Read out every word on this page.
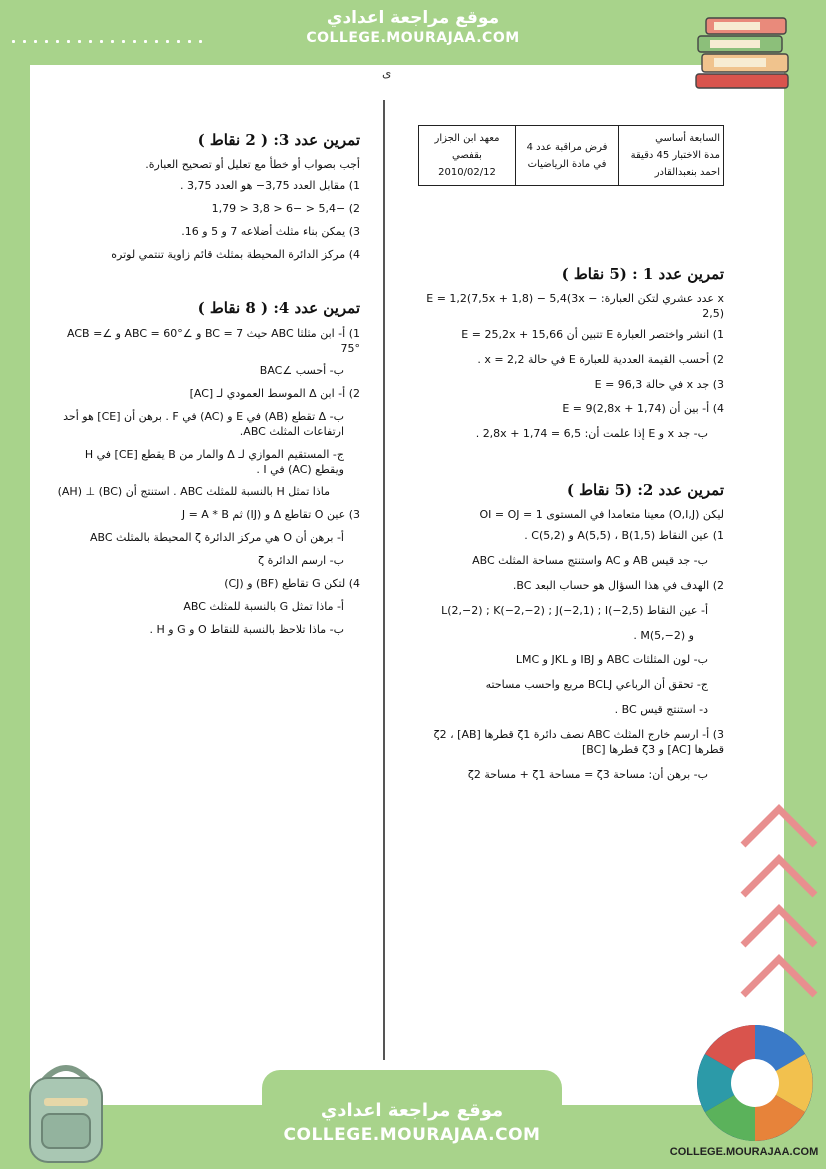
موقع مراجعة اعدادي
COLLEGE.MOURAJAA.COM
ى
السابعة أساسي
مدة الاختبار 45 دقيقة
احمد بنعبدالقادر

فرض مراقبة عدد 4
في مادة الرياضيات

معهد ابن الجزار بقفصي
2010/02/12
تمرين عدد 1 : (5 نقاط )
x عدد عشري لتكن العبارة: E = 1,2(7,5x + 1,8) − 5,4(3x − 2,5)
1) انشر واختصر العبارة E تتبين أن E = 25,2x + 15,66
2) أحسب القيمة العددية للعبارة E في حالة x = 2,2 .
3) جد x في حالة E = 96,3
4) أ- بين أن E = 9(2,8x + 1,74)
ب- جد x و E إذا علمت أن: 2,8x + 1,74 = 6,5 .
تمرين عدد 2: (5 نقاط )
ليكن (O,I,J) معينا متعامدا في المستوى OI = OJ = 1
1) عين النقاط A(5,5) ، B(1,5) و C(5,2) .
ب- جد قيس AB و AC واستنتج مساحة المثلث ABC
2) الهدف في هذا السؤال هو حساب البعد BC.
أ- عين النقاط L(2,−2) ; K(−2,−2) ; J(−2,1) ; I(−2,5)
و M(5,−2) .
ب- لون المثلثات ABC و IBJ و JKL و LMC
ج- تحقق أن الرباعي BCLJ مربع واحسب مساحته
د- استنتج قيس BC .
3) أ- ارسم خارج المثلث ABC نصف دائرة ζ1 قطرها [AB] ، ζ2 قطرها [AC] و ζ3 قطرها [BC]
ب- برهن أن: مساحة ζ3 = مساحة ζ1 + مساحة ζ2
تمرين عدد 3: ( 2 نقاط )
أجب بصواب أو خطأ مع تعليل أو تصحيح العبارة.
1) مقابل العدد 3,75− هو العدد 3,75 .
2) −5,4 < −6 < 3,8 < 1,79
3) يمكن بناء مثلث أضلاعه 7 و 5 و 16.
4) مركز الدائرة المحيطة بمثلث قائم زاوية تنتمي لوتره
تمرين عدد 4: ( 8 نقاط )
1) أ- ابن مثلثا ABC حيث BC = 7 و ∠ABC = 60° و ∠ACB = 75°
ب- أحسب ∠BAC
2) أ- ابن Δ الموسط العمودي لـ [AC]
ب- Δ تقطع (AB) في E و (AC) في F . برهن أن [CE] هو أحد ارتفاعات المثلث ABC.
ج- المستقيم الموازي لـ Δ والمار من B يقطع [CE] في H ويقطع (AC) في I .
ماذا تمثل H بالنسبة للمثلث ABC . استنتج أن (BC) ⊥ (AH)
3) عين O تقاطع Δ و (IJ) ثم J = A * B
أ- برهن أن O هي مركز الدائرة ζ المحيطة بالمثلث ABC
ب- ارسم الدائرة ζ
4) لتكن G تقاطع (BF) و (CJ)
أ- ماذا تمثل G بالنسبة للمثلث ABC
ب- ماذا تلاحظ بالنسبة للنقاط O و G و H .
موقع مراجعة اعدادي
COLLEGE.MOURAJAA.COM
COLLEGE.MOURAJAA.COM
